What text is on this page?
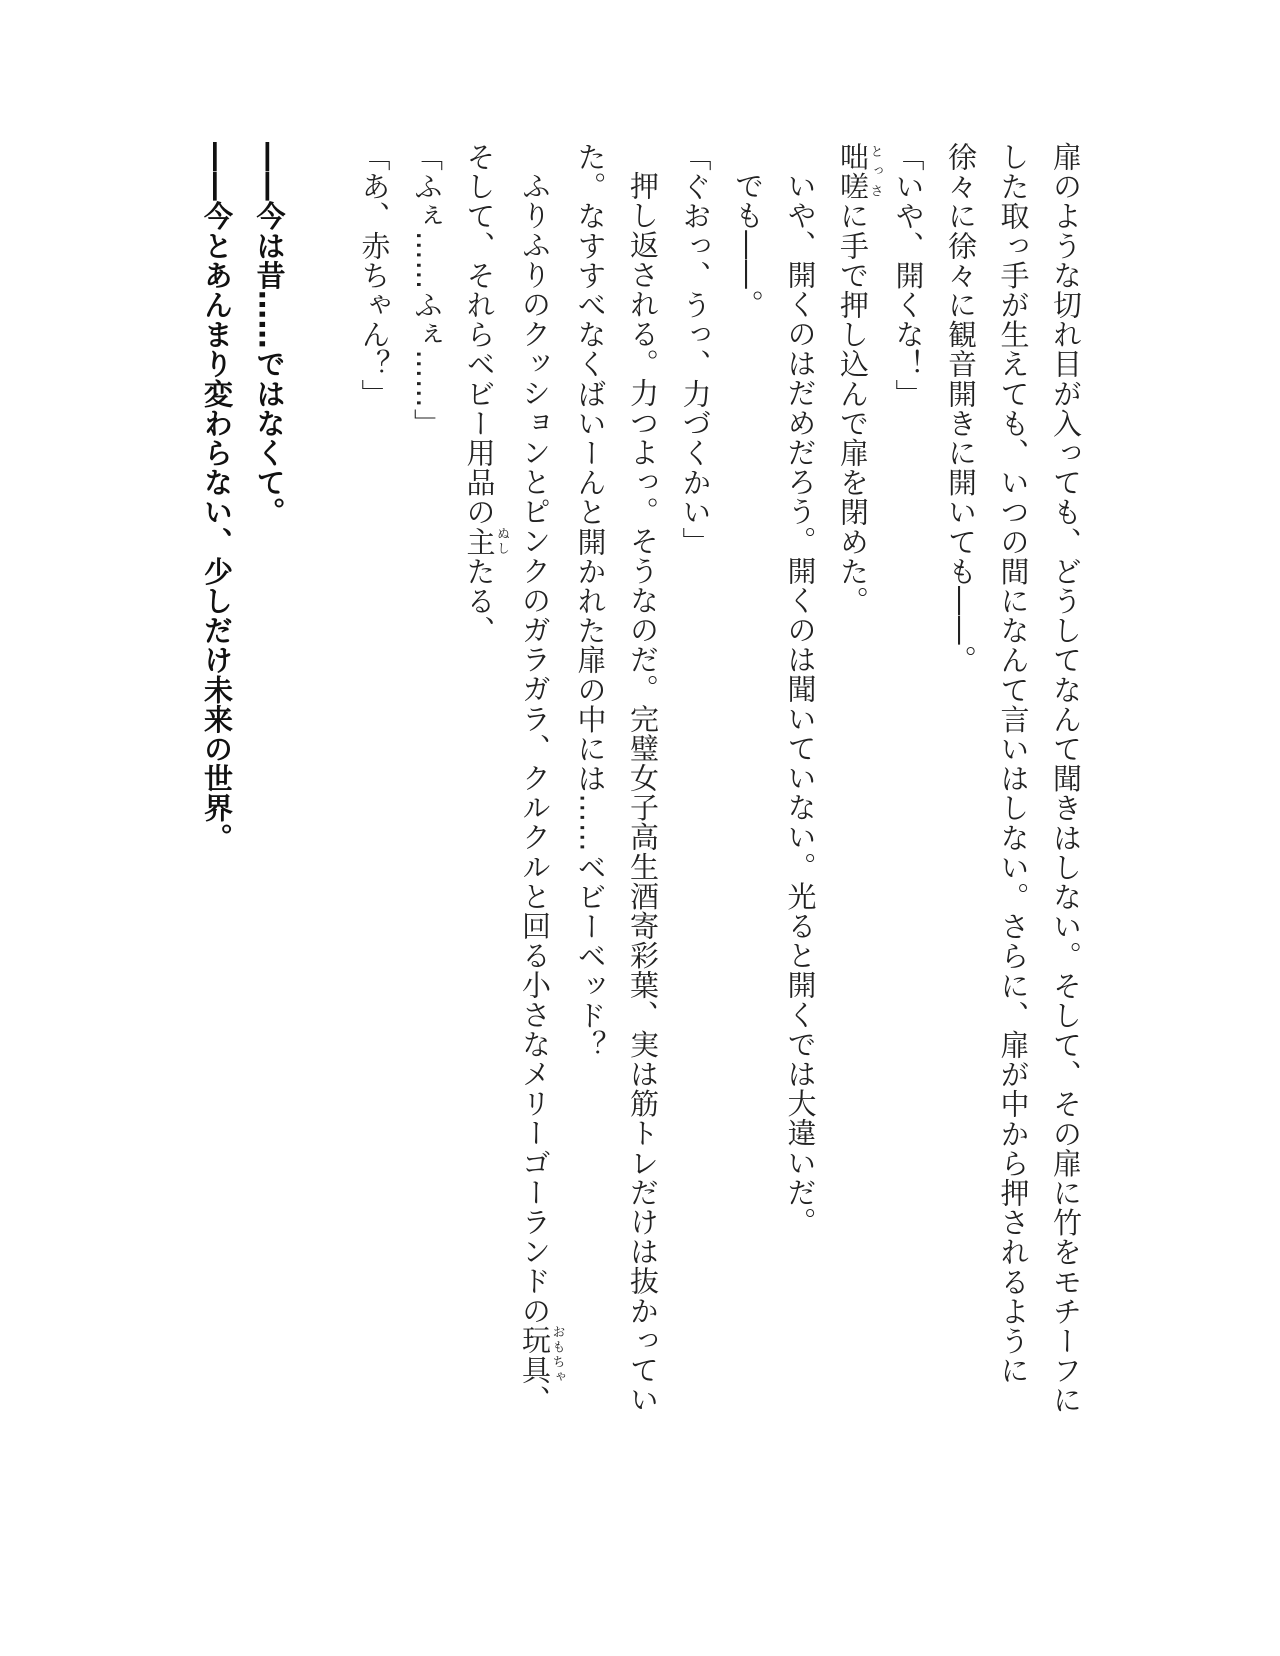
扉のような切れ目が入っても、どうしてなんて聞きはしない。そして、その扉に竹をモチーフに
した取っ手が生えても、いつの間になんて言いはしない。さらに、扉が中から押されるように
徐々に徐々に観音開きに開いても――。
「いや、開くな！」
咄嗟とっさに手で押し込んで扉を閉めた。
いや、開くのはだめだろう。開くのは聞いていない。光ると開くでは大違いだ。
でも――。
「ぐおっ、うっ、力づくかい」
押し返される。力つよっ。そうなのだ。完璧女子高生酒寄彩葉、実は筋トレだけは抜かってい
た。なすすべなくばいーんと開かれた扉の中には……ベビーベッド？
ふりふりのクッションとピンクのガラガラ、クルクルと回る小さなメリーゴーランドの玩具おもちゃ、
そして、それらベビー用品の主ぬしたる、
「ふぇ……ふぇ……」
「あ、赤ちゃん？」
――今は昔……ではなくて。
――今とあんまり変わらない、少しだけ未来の世界。
